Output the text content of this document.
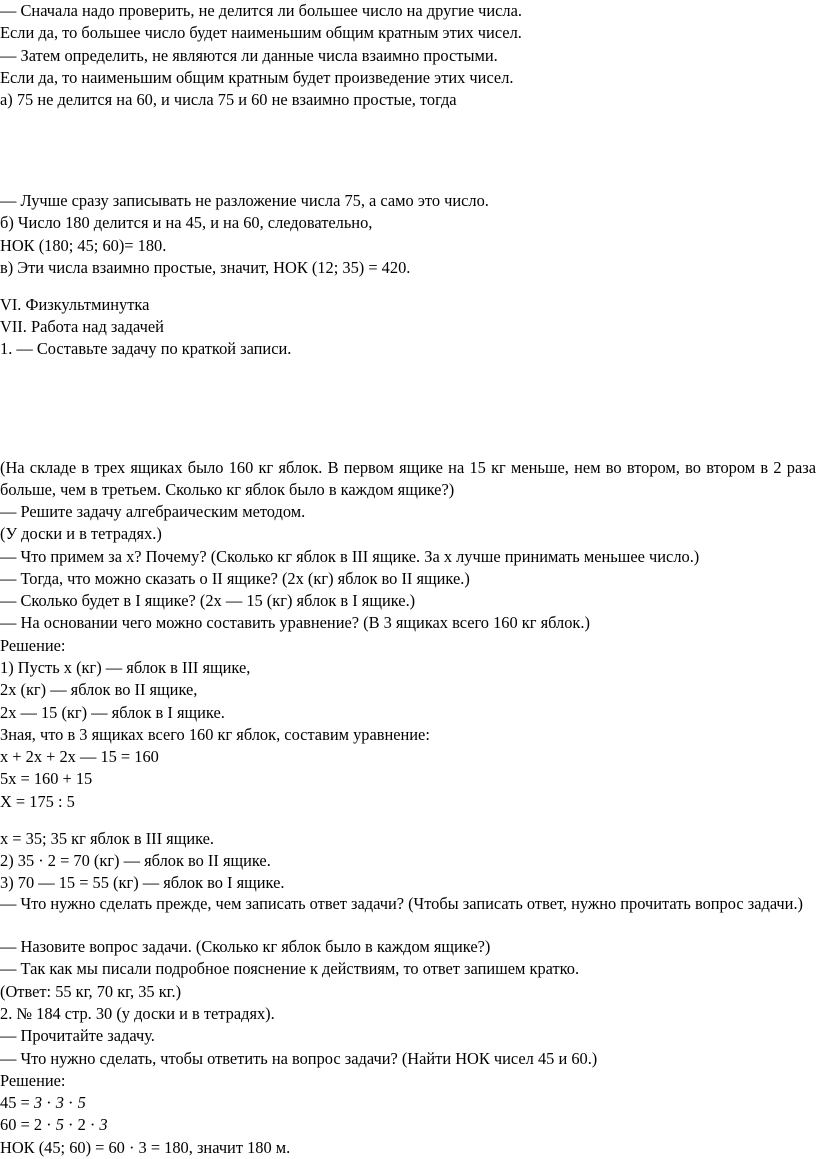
— Сначала надо проверить, не делится ли большее число на другие числа.
Если да, то большее число будет наименьшим общим кратным этих чисел.
— Затем определить, не являются ли данные числа взаимно простыми.
Если да, то наименьшим общим кратным будет произведение этих чисел.
а) 75 не делится на 60, и числа 75 и 60 не взаимно простые, тогда
— Лучше сразу записывать не разложение числа 75, а само это число.
б) Число 180 делится и на 45, и на 60, следовательно,
НОК (180; 45; 60)= 180.
в) Эти числа взаимно простые, значит, НОК (12; 35) = 420.
VI. Физкультминутка
VII. Работа над задачей
1. — Составьте задачу по краткой записи.
(На складе в трех ящиках было 160 кг яблок. В первом ящике на 15 кг меньше, нем во втором, во втором в 2 раза больше, чем в третьем. Сколько кг яблок было в каждом ящике?)
— Решите задачу алгебраическим методом.
(У доски и в тетрадях.)
— Что примем за х? Почему? (Сколько кг яблок в III ящике. За х лучше принимать меньшее число.)
— Тогда, что можно сказать о II ящике? (2х (кг) яблок во II ящике.)
— Сколько будет в I ящике? (2х — 15 (кг) яблок в I ящике.)
— На основании чего можно составить уравнение? (В 3 ящиках всего 160 кг яблок.)
Решение:
1) Пусть х (кг) — яблок в III ящике,
2х (кг) — яблок во II ящике,
2х — 15 (кг) — яблок в I ящике.
Зная, что в 3 ящиках всего 160 кг яблок, составим уравнение:
х + 2х + 2х — 15 = 160
5х = 160 + 15
X = 175 : 5
х = 35; 35 кг яблок в III ящике.
2) 35 · 2 = 70 (кг) — яблок во II ящике.
3) 70 — 15 = 55 (кг) — яблок во I ящике.
— Что нужно сделать прежде, чем записать ответ задачи? (Чтобы записать ответ, нужно прочитать вопрос задачи.)
— Назовите вопрос задачи. (Сколько кг яблок было в каждом ящике?)
— Так как мы писали подробное пояснение к действиям, то ответ запишем кратко.
(Ответ: 55 кг, 70 кг, 35 кг.)
2. № 184 стр. 30 (у доски и в тетрадях).
— Прочитайте задачу.
— Что нужно сделать, чтобы ответить на вопрос задачи? (Найти НОК чисел 45 и 60.)
Решение:
45 = 3 · 3 · 5
60 = 2 · 5 · 2 · 3
НОК (45; 60) = 60 · 3 = 180, значит 180 м.
